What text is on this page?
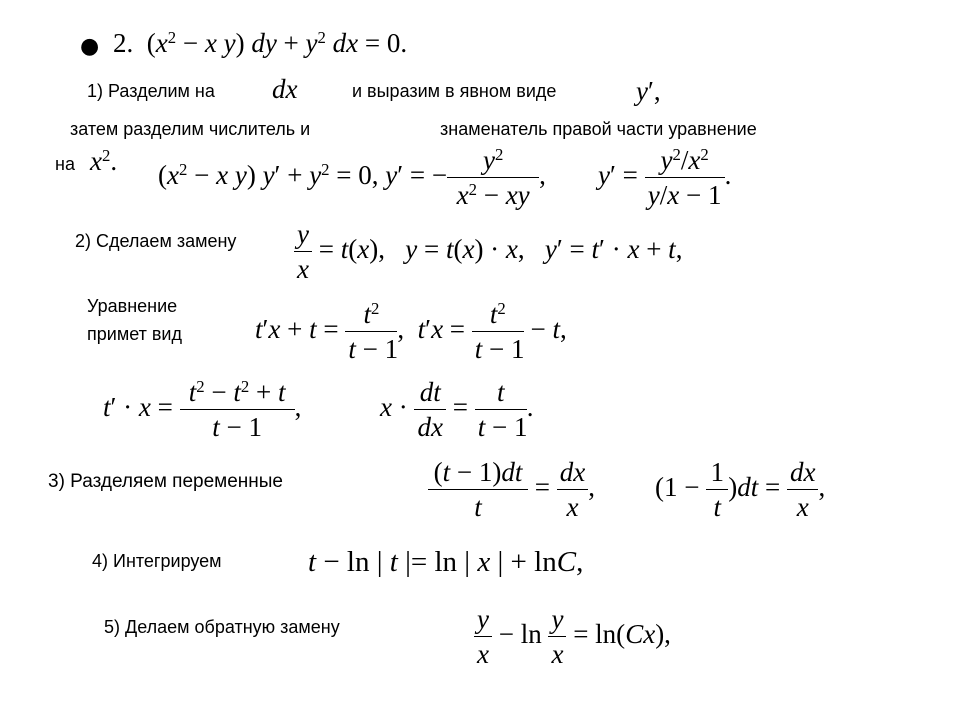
● 2.  ($x^2 - x$ y) dy + $y^2$ dx = 0.
1) Разделим на dx	и выразим в явном виде	y′,
затем разделим числитель и	знаменатель правой части уравнение
на $x^2$. ($x^2 - x$ y) $y' + y^2 = 0$, y′ = − $\frac{y^2}{x^2 - xy}$ , $y' = \frac{y^2/x^2}{y/x - 1}$ .
2) Сделаем замену $\frac{y}{x} = t(x)$,   y = t(x) · x,   y′ = t′ · x + t,
Уравнение
примет вид	$t'x + t = \frac{t^2}{t - 1}$ ,  $t'x = \frac{t^2}{t - 1} - t$,
$t' \cdot x = \frac{t^2 - t^2 + t}{t - 1}$ ,	$x \cdot \frac{dt}{dx} = \frac{t}{t - 1}$ .
3) Разделяем переменные	$\frac{(t - 1)dt}{t} = \frac{dx}{x}$ , $(1 - \frac{1}{t} )dt = \frac{dx}{x}$ ,
4) Интегрируем	t − ln | t |= ln | x | + lnC,
5) Делаем обратную замену	$\frac{y}{x} - \ln \frac{y}{x} = \ln(Cx)$,
